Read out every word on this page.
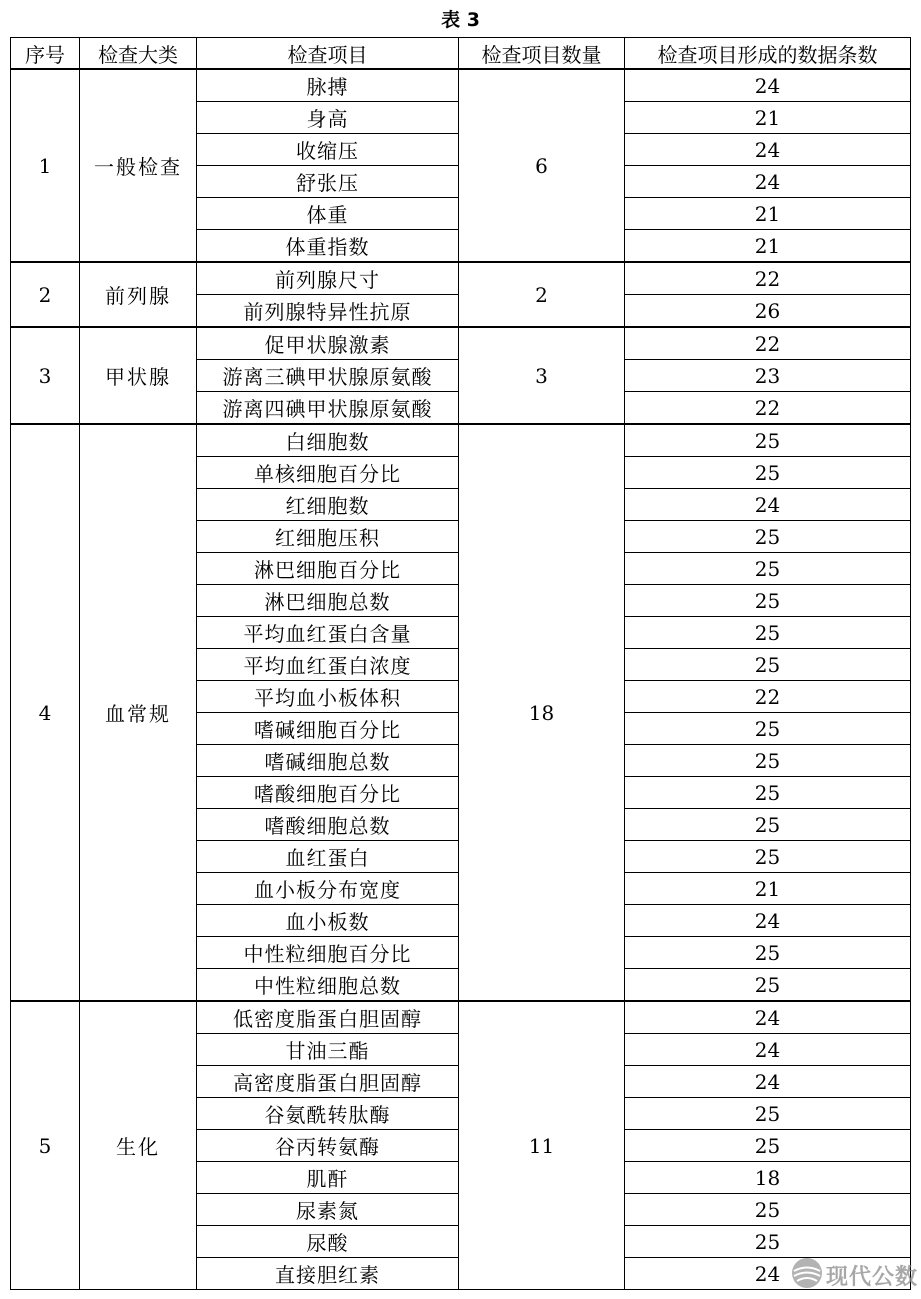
表 3
序号	检查大类	检查项目	检查项目数量	检查项目形成的数据条数
		脉搏		24
		身高		21
1	一般检查	收缩压	6	24
		舒张压		24
		体重		21
		体重指数		21
2	前列腺	前列腺尺寸	2	22
		前列腺特异性抗原		26
		促甲状腺激素		22
3	甲状腺	游离三碘甲状腺原氨酸	3	23
		游离四碘甲状腺原氨酸		22
		白细胞数		25
		单核细胞百分比		25
		红细胞数		24
		红细胞压积		25
		淋巴细胞百分比		25
		淋巴细胞总数		25
		平均血红蛋白含量		25
		平均血红蛋白浓度		25
4	血常规	平均血小板体积	18	22
		嗜碱细胞百分比		25
		嗜碱细胞总数		25
		嗜酸细胞百分比		25
		嗜酸细胞总数		25
		血红蛋白		25
		血小板分布宽度		21
		血小板数		24
		中性粒细胞百分比		25
		中性粒细胞总数		25
		低密度脂蛋白胆固醇		24
		甘油三酯		24
		高密度脂蛋白胆固醇		24
		谷氨酰转肽酶		25
5	生化	谷丙转氨酶	11	25
		肌酐		18
		尿素氮		25
		尿酸		25
		直接胆红素		24 现代公数
